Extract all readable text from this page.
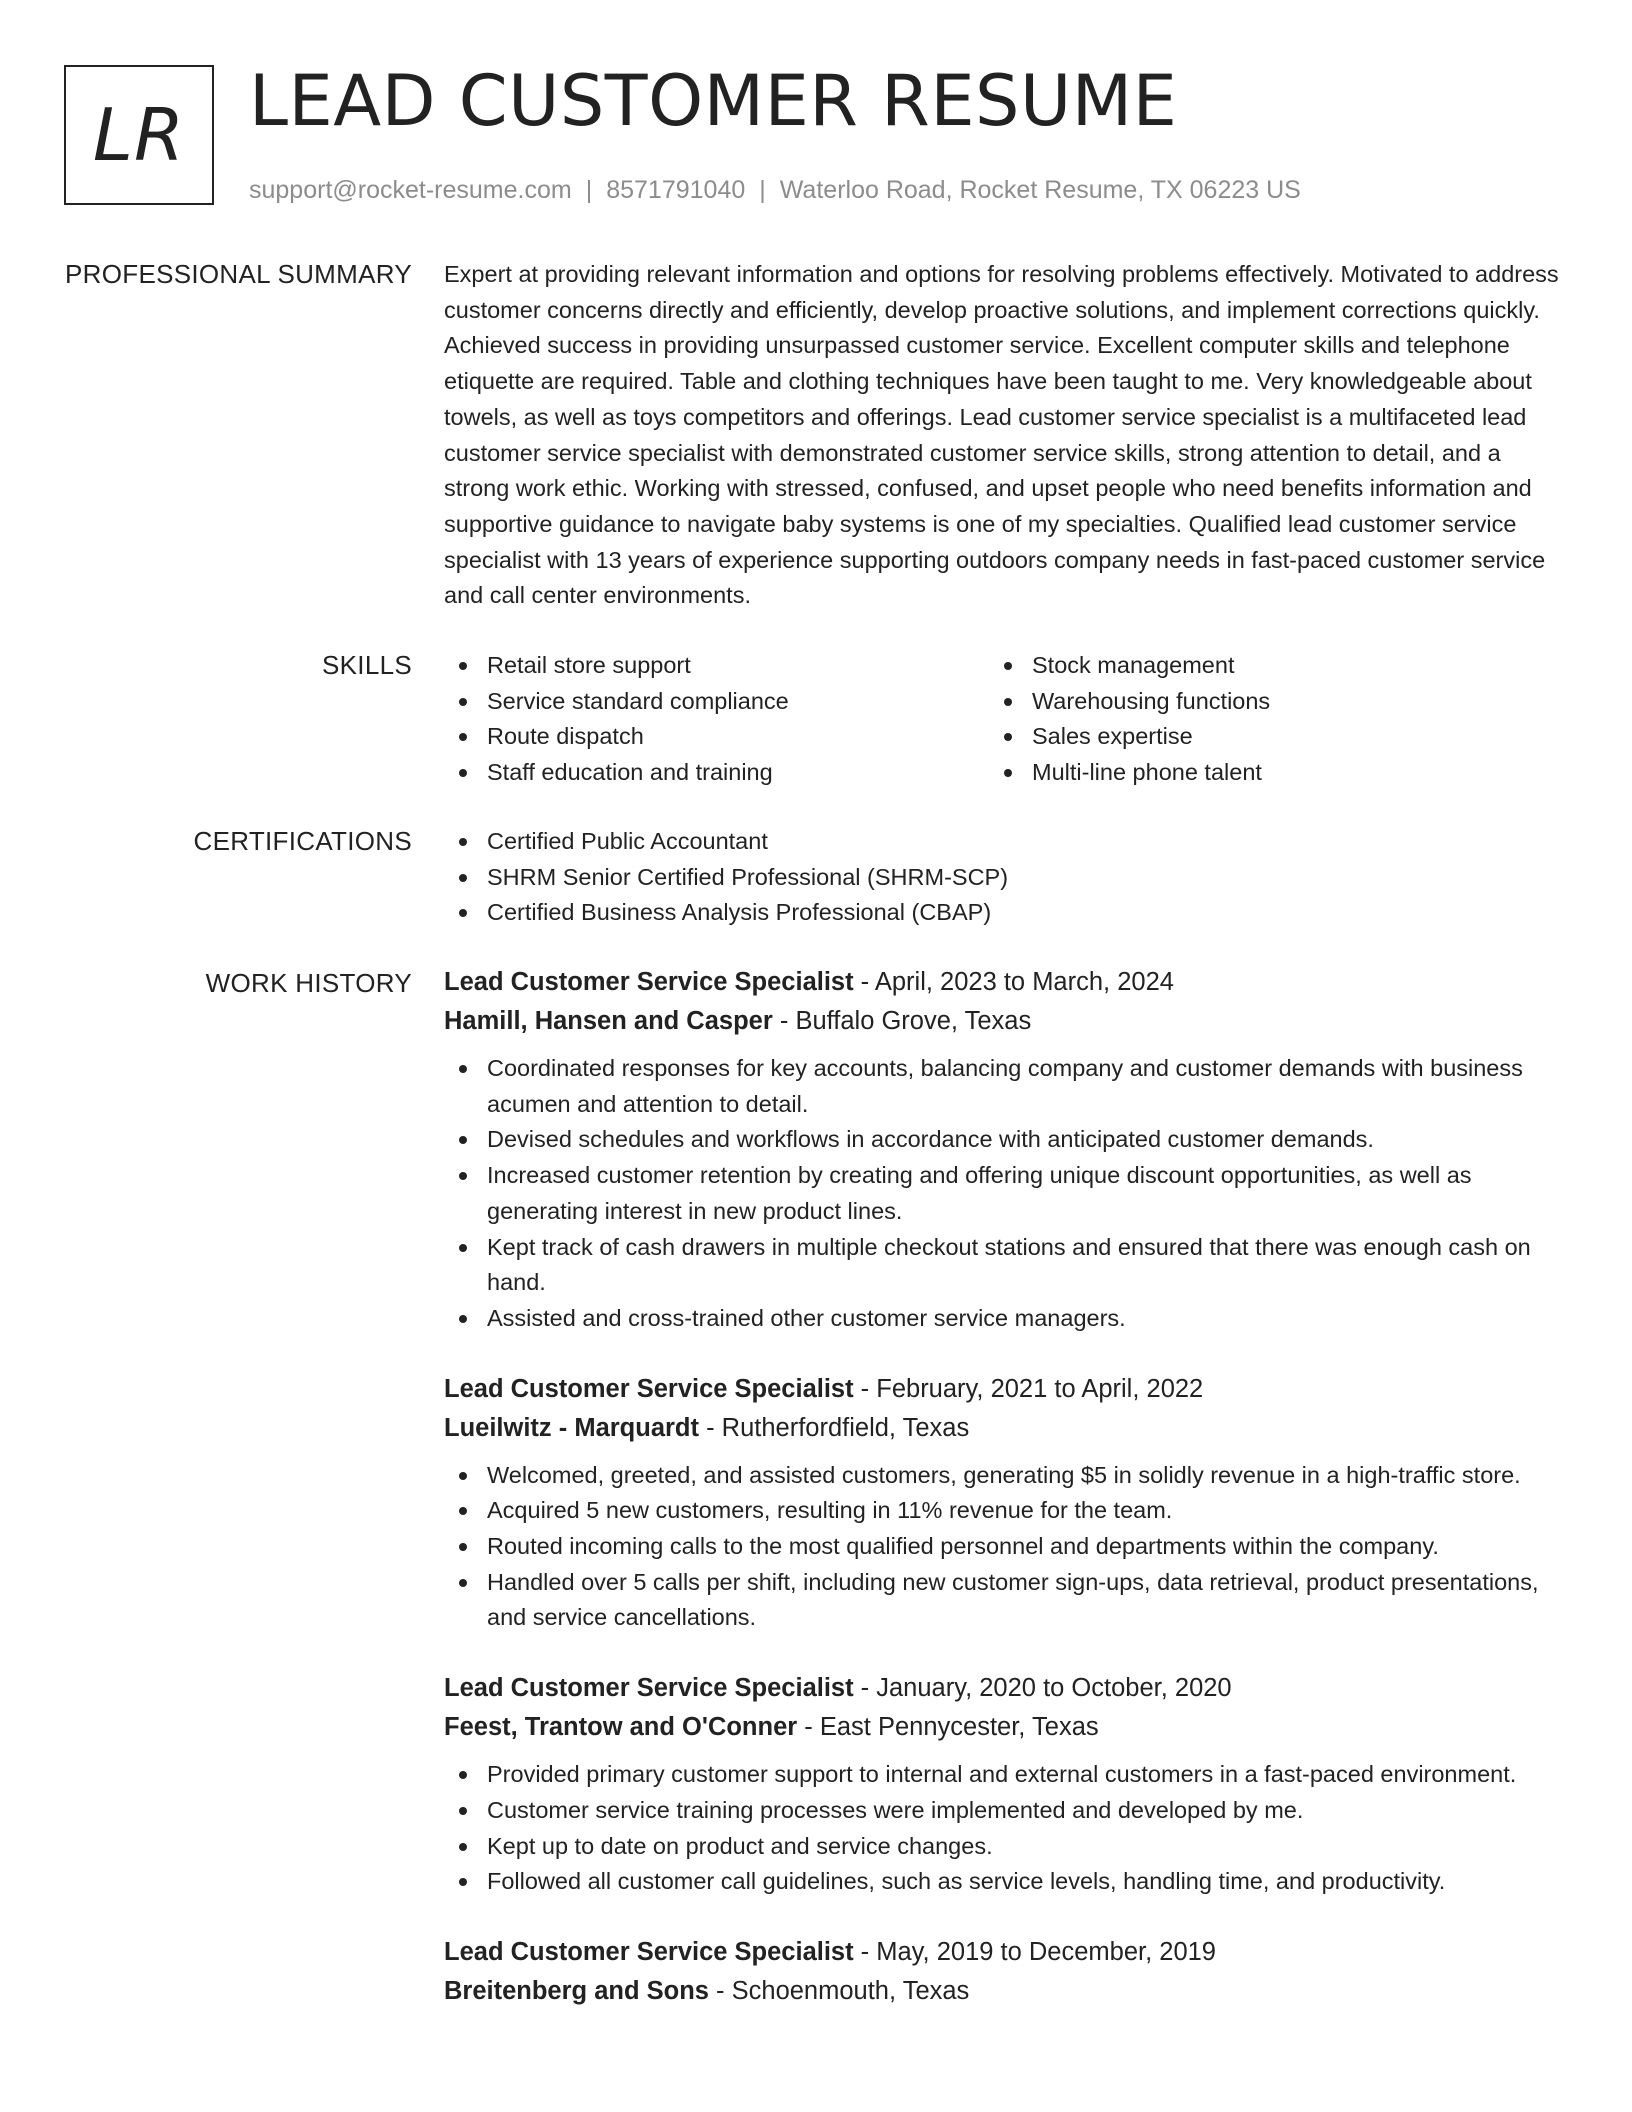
LR LEAD CUSTOMER RESUME
support@rocket-resume.com | 8571791040 | Waterloo Road, Rocket Resume, TX 06223 US
PROFESSIONAL SUMMARY Expert at providing relevant information and options for resolving problems effectively. Motivated to address customer concerns directly and efficiently, develop proactive solutions, and implement corrections quickly. Achieved success in providing unsurpassed customer service. Excellent computer skills and telephone etiquette are required. Table and clothing techniques have been taught to me. Very knowledgeable about towels, as well as toys competitors and offerings. Lead customer service specialist is a multifaceted lead customer service specialist with demonstrated customer service skills, strong attention to detail, and a strong work ethic. Working with stressed, confused, and upset people who need benefits information and supportive guidance to navigate baby systems is one of my specialties. Qualified lead customer service specialist with 13 years of experience supporting outdoors company needs in fast-paced customer service and call center environments.

SKILLS	Retail store support
Service standard compliance
Route dispatch
Staff education and training
Stock management
Warehousing functions
Sales expertise
Multi-line phone talent
CERTIFICATIONS	Certified Public Accountant
SHRM Senior Certified Professional (SHRM-SCP)
Certified Business Analysis Professional (CBAP)
WORK HISTORY Lead Customer Service Specialist - April, 2023 to March, 2024
Hamill, Hansen and Casper - Buffalo Grove, Texas
Coordinated responses for key accounts, balancing company and customer demands with business acumen and attention to detail.
Devised schedules and workflows in accordance with anticipated customer demands.
Increased customer retention by creating and offering unique discount opportunities, as well as generating interest in new product lines.
Kept track of cash drawers in multiple checkout stations and ensured that there was enough cash on hand.
Assisted and cross-trained other customer service managers.
Lead Customer Service Specialist - February, 2021 to April, 2022
Lueilwitz - Marquardt - Rutherfordfield, Texas
Welcomed, greeted, and assisted customers, generating $5 in solidly revenue in a high-traffic store.
Acquired 5 new customers, resulting in 11% revenue for the team.
Routed incoming calls to the most qualified personnel and departments within the company.
Handled over 5 calls per shift, including new customer sign-ups, data retrieval, product presentations, and service cancellations.
Lead Customer Service Specialist - January, 2020 to October, 2020
Feest, Trantow and O'Conner - East Pennycester, Texas
Provided primary customer support to internal and external customers in a fast-paced environment.
Customer service training processes were implemented and developed by me.
Kept up to date on product and service changes.
Followed all customer call guidelines, such as service levels, handling time, and productivity.
Lead Customer Service Specialist - May, 2019 to December, 2019
Breitenberg and Sons - Schoenmouth, Texas
